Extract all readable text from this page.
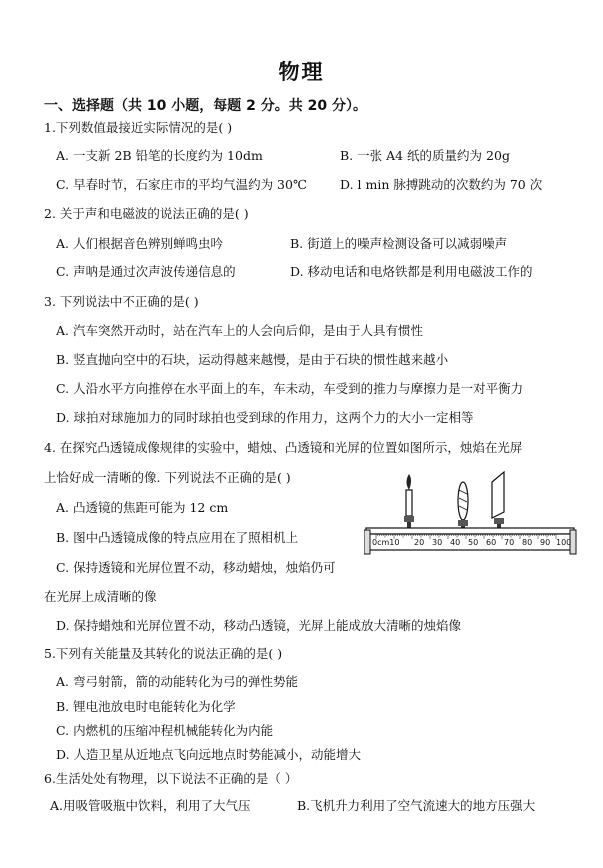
物理
一、选择题（共 10 小题，每题 2 分。共 20 分）。
1.下列数值最接近实际情况的是( )
A. 一支新 2B 铅笔的长度约为 10dm	B. 一张 A4 纸的质量约为 20g
C. 早春时节，石家庄市的平均气温约为 30℃	D. l min 脉搏跳动的次数约为 70 次
2. 关于声和电磁波的说法正确的是( )
A. 人们根据音色辨别蝉鸣虫吟	B. 街道上的噪声检测设备可以减弱噪声
C. 声呐是通过次声波传递信息的	D. 移动电话和电烙铁都是利用电磁波工作的
3. 下列说法中不正确的是( )
A. 汽车突然开动时，站在汽车上的人会向后仰，是由于人具有惯性
B. 竖直抛向空中的石块，运动得越来越慢，是由于石块的惯性越来越小
C. 人沿水平方向推停在水平面上的车，车未动，车受到的推力与摩擦力是一对平衡力
D. 球拍对球施加力的同时球拍也受到球的作用力，这两个力的大小一定相等
4. 在探究凸透镜成像规律的实验中，蜡烛、凸透镜和光屏的位置如图所示，烛焰在光屏
上恰好成一清晰的像. 下列说法不正确的是( )
A. 凸透镜的焦距可能为 12 cm
B. 图中凸透镜成像的特点应用在了照相机上
C. 保持透镜和光屏位置不动，移动蜡烛，烛焰仍可
在光屏上成清晰的像
D. 保持蜡烛和光屏位置不动，移动凸透镜，光屏上能成放大清晰的烛焰像
0cm10 20 30 40 50 60 70 80 90 100
5.下列有关能量及其转化的说法正确的是( )
A. 弯弓射箭，箭的动能转化为弓的弹性势能
B. 锂电池放电时电能转化为化学
C. 内燃机的压缩冲程机械能转化为内能
D. 人造卫星从近地点飞向远地点时势能减小，动能增大
6.生活处处有物理，以下说法不正确的是（ ）
A.用吸管吸瓶中饮料，利用了大气压	B.飞机升力利用了空气流速大的地方压强大
